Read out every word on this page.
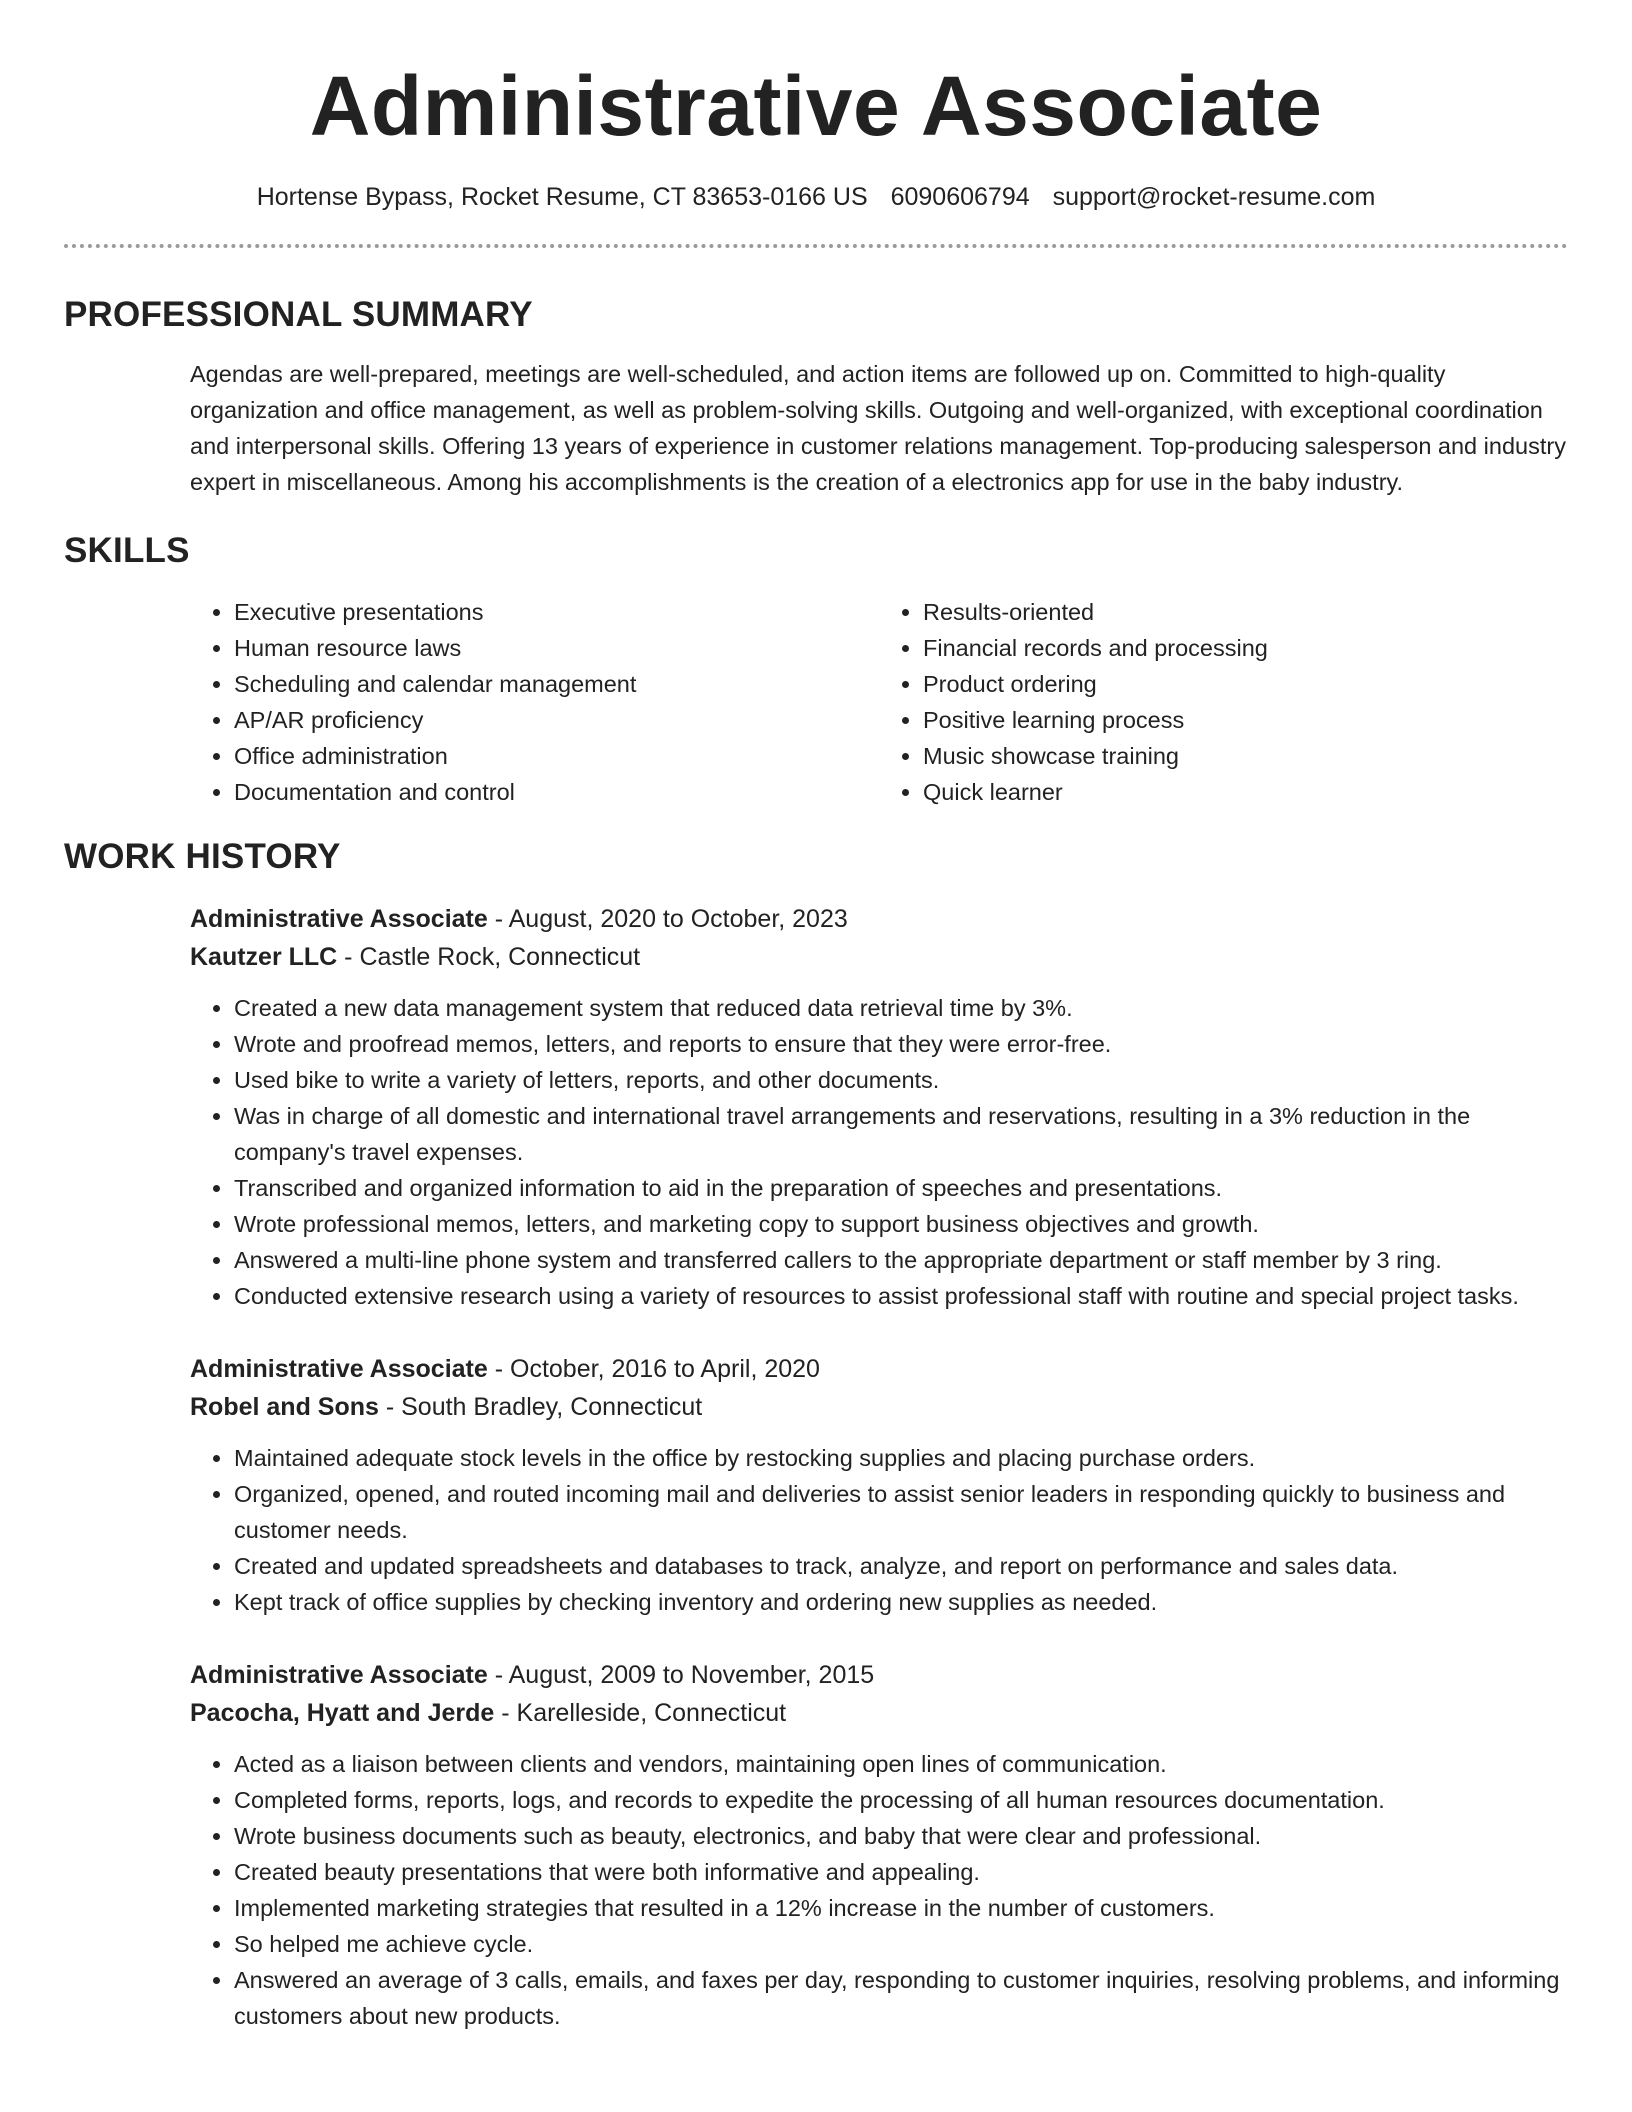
Administrative Associate
Hortense Bypass, Rocket Resume, CT 83653-0166 US 6090606794 support@rocket-resume.com
PROFESSIONAL SUMMARY
Agendas are well-prepared, meetings are well-scheduled, and action items are followed up on. Committed to high-quality organization and office management, as well as problem-solving skills. Outgoing and well-organized, with exceptional coordination and interpersonal skills. Offering 13 years of experience in customer relations management. Top-producing salesperson and industry expert in miscellaneous. Among his accomplishments is the creation of a electronics app for use in the baby industry.
SKILLS
• Executive presentations
• Human resource laws
• Scheduling and calendar management
• AP/AR proficiency
• Office administration
• Documentation and control
• Results-oriented
• Financial records and processing
• Product ordering
• Positive learning process
• Music showcase training
• Quick learner
WORK HISTORY
Administrative Associate - August, 2020 to October, 2023
Kautzer LLC - Castle Rock, Connecticut
• Created a new data management system that reduced data retrieval time by 3%.
• Wrote and proofread memos, letters, and reports to ensure that they were error-free.
• Used bike to write a variety of letters, reports, and other documents.
• Was in charge of all domestic and international travel arrangements and reservations, resulting in a 3% reduction in the company's travel expenses.
• Transcribed and organized information to aid in the preparation of speeches and presentations.
• Wrote professional memos, letters, and marketing copy to support business objectives and growth.
• Answered a multi-line phone system and transferred callers to the appropriate department or staff member by 3 ring.
• Conducted extensive research using a variety of resources to assist professional staff with routine and special project tasks.
Administrative Associate - October, 2016 to April, 2020
Robel and Sons - South Bradley, Connecticut
• Maintained adequate stock levels in the office by restocking supplies and placing purchase orders.
• Organized, opened, and routed incoming mail and deliveries to assist senior leaders in responding quickly to business and customer needs.
• Created and updated spreadsheets and databases to track, analyze, and report on performance and sales data.
• Kept track of office supplies by checking inventory and ordering new supplies as needed.
Administrative Associate - August, 2009 to November, 2015
Pacocha, Hyatt and Jerde - Karelleside, Connecticut
• Acted as a liaison between clients and vendors, maintaining open lines of communication.
• Completed forms, reports, logs, and records to expedite the processing of all human resources documentation.
• Wrote business documents such as beauty, electronics, and baby that were clear and professional.
• Created beauty presentations that were both informative and appealing.
• Implemented marketing strategies that resulted in a 12% increase in the number of customers.
• So helped me achieve cycle.
• Answered an average of 3 calls, emails, and faxes per day, responding to customer inquiries, resolving problems, and informing customers about new products.
